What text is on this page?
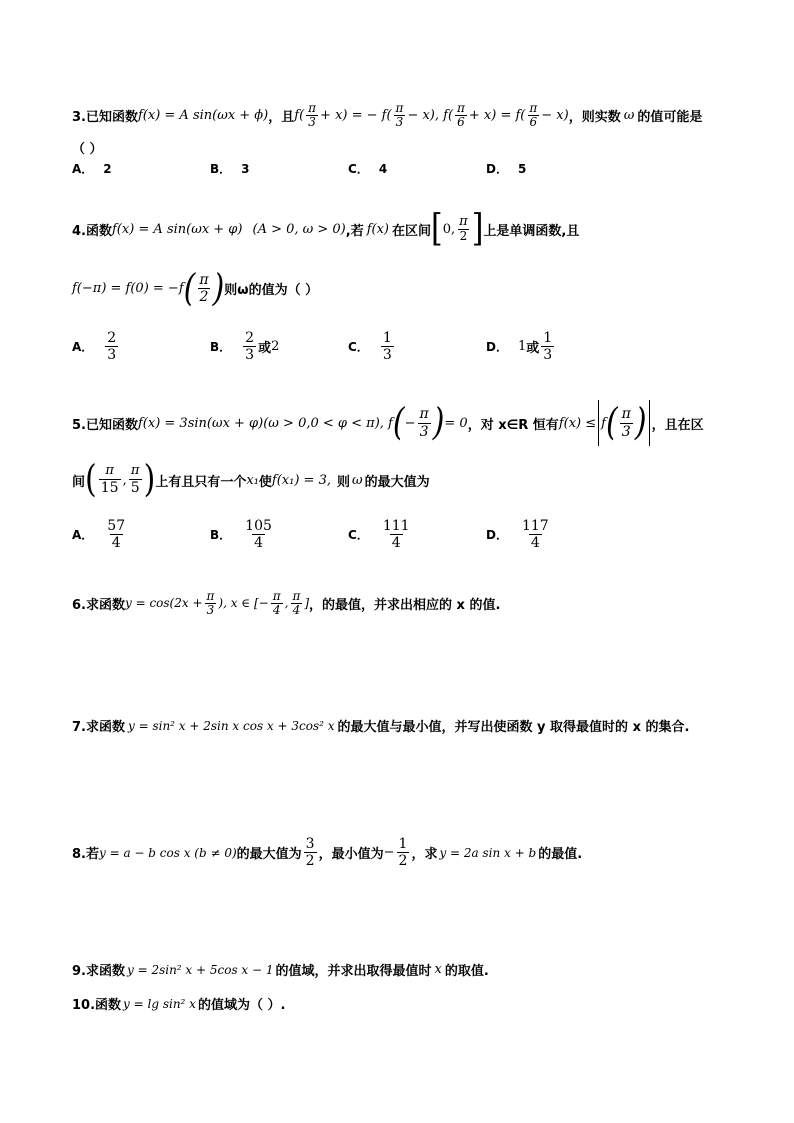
3.已知函数 f(x) = A sin(ωx + ϕ) ，且 $f( \frac{\pi}{3} + x)$ = − $f( \frac{\pi}{3} - x)$, $f( \frac{\pi}{6} + x) = f( \frac{\pi}{6} - x)$ ，则实数 ω 的值可能是
（ ）
A． 2	B． 3	C． 4	D． 5
4.函数 f(x) = A sin(ωx + φ) (A > 0, ω > 0) ,若 f(x) 在区间 [ 0, $\frac{\pi}{2}$ ] 上是单调函数,且
f(−π) = f(0) = −f ( $\frac{\pi}{2}$ ) 则ω的值为（ ）
A． $\frac{2}{3}$	B． $\frac{2}{3}$ 或 2	C． $\frac{1}{3}$	D． 1 或 $\frac{1}{3}$
5.已知函数 f(x) = 3sin(ωx + φ)(ω > 0,0 < φ < π), f ( − $\frac{\pi}{3}$ ) = 0 ，对 x∈R 恒有 f(x) ≤ f ( $\frac{\pi}{3}$ ) ，且在区
间 ( $\frac{\pi}{15}$ , $\frac{\pi}{5}$ ) 上有且只有一个 x₁ 使 f(x₁) = 3, 则 ω 的最大值为
A． $\frac{57}{4}$	B． $\frac{105}{4}$	C． $\frac{111}{4}$	D． $\frac{117}{4}$
6.求函数 $y = \cos(2x + \frac{\pi}{3}$ ), x ∈ [− $\frac{\pi}{4}$ , $\frac{\pi}{4}$ ] ，的最值，并求出相应的 x 的值.
7.求函数 y = sin² x + 2sin x cos x + 3cos² x 的最大值与最小值，并写出使函数 y 取得最值时的 x 的集合.
8.若 y = a − b cos x (b ≠ 0) 的最大值为 $\frac{3}{2}$ ，最小值为 − $\frac{1}{2}$ ，求 y = 2a sin x + b 的最值.
9.求函数 y = 2sin² x + 5cos x − 1 的值域，并求出取得最值时 x 的取值.
10.函数 y = lg sin² x 的值域为（ ）.
